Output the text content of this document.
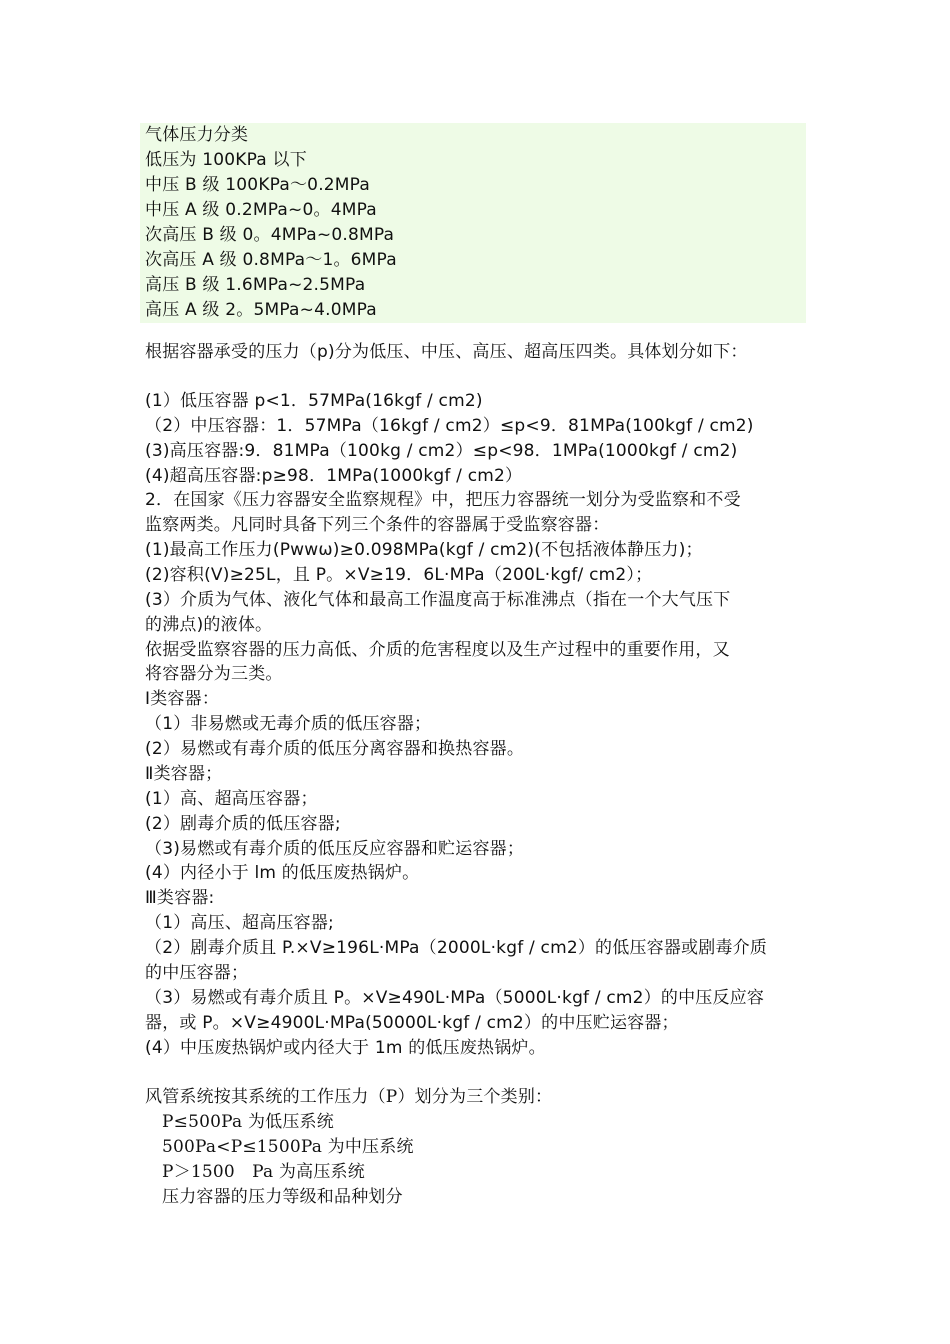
气体压力分类
低压为 100KPa 以下
中压 B 级 100KPa～0.2MPa
中压 A 级 0.2MPa~0。4MPa
次高压 B 级 0。4MPa~0.8MPa
次高压 A 级 0.8MPa～1。6MPa
高压 B 级 1.6MPa~2.5MPa
高压 A 级 2。5MPa~4.0MPa
根据容器承受的压力（p)分为低压、中压、高压、超高压四类。具体划分如下：
(1）低压容器 p<1．57MPa(16kgf / cm2)
（2）中压容器：1．57MPa（16kgf / cm2）≤p<9．81MPa(100kgf / cm2)
(3)高压容器:9．81MPa（100kg / cm2）≤p<98．1MPa(1000kgf / cm2)
(4)超高压容器:p≥98．1MPa(1000kgf / cm2）
2．在国家《压力容器安全监察规程》中，把压力容器统一划分为受监察和不受
监察两类。凡同时具备下列三个条件的容器属于受监察容器：
(1)最高工作压力(Pwwω)≥0.098MPa(kgf / cm2)(不包括液体静压力)；
(2)容积(V)≥25L，且 P。×V≥19．6L·MPa（200L·kgf/ cm2）；
(3）介质为气体、液化气体和最高工作温度高于标准沸点（指在一个大气压下
的沸点)的液体。
依据受监察容器的压力高低、介质的危害程度以及生产过程中的重要作用，又
将容器分为三类。
Ⅰ类容器：
（1）非易燃或无毒介质的低压容器；
(2）易燃或有毒介质的低压分离容器和换热容器。
Ⅱ类容器；
(1）高、超高压容器；
(2）剧毒介质的低压容器;
（3)易燃或有毒介质的低压反应容器和贮运容器；
(4）内径小于 lm 的低压废热锅炉。
Ⅲ类容器:
（1）高压、超高压容器;
（2）剧毒介质且 P.×V≥196L·MPa（2000L·kgf / cm2）的低压容器或剧毒介质
的中压容器；
（3）易燃或有毒介质且 P。×V≥490L·MPa（5000L·kgf / cm2）的中压反应容
器，或 P。×V≥4900L·MPa(50000L·kgf / cm2）的中压贮运容器；
(4）中压废热锅炉或内径大于 1m 的低压废热锅炉。
风管系统按其系统的工作压力（P）划分为三个类别：
P≤500Pa 为低压系统
500Pa<P≤1500Pa 为中压系统
P＞1500　Pa 为高压系统
压力容器的压力等级和品种划分
